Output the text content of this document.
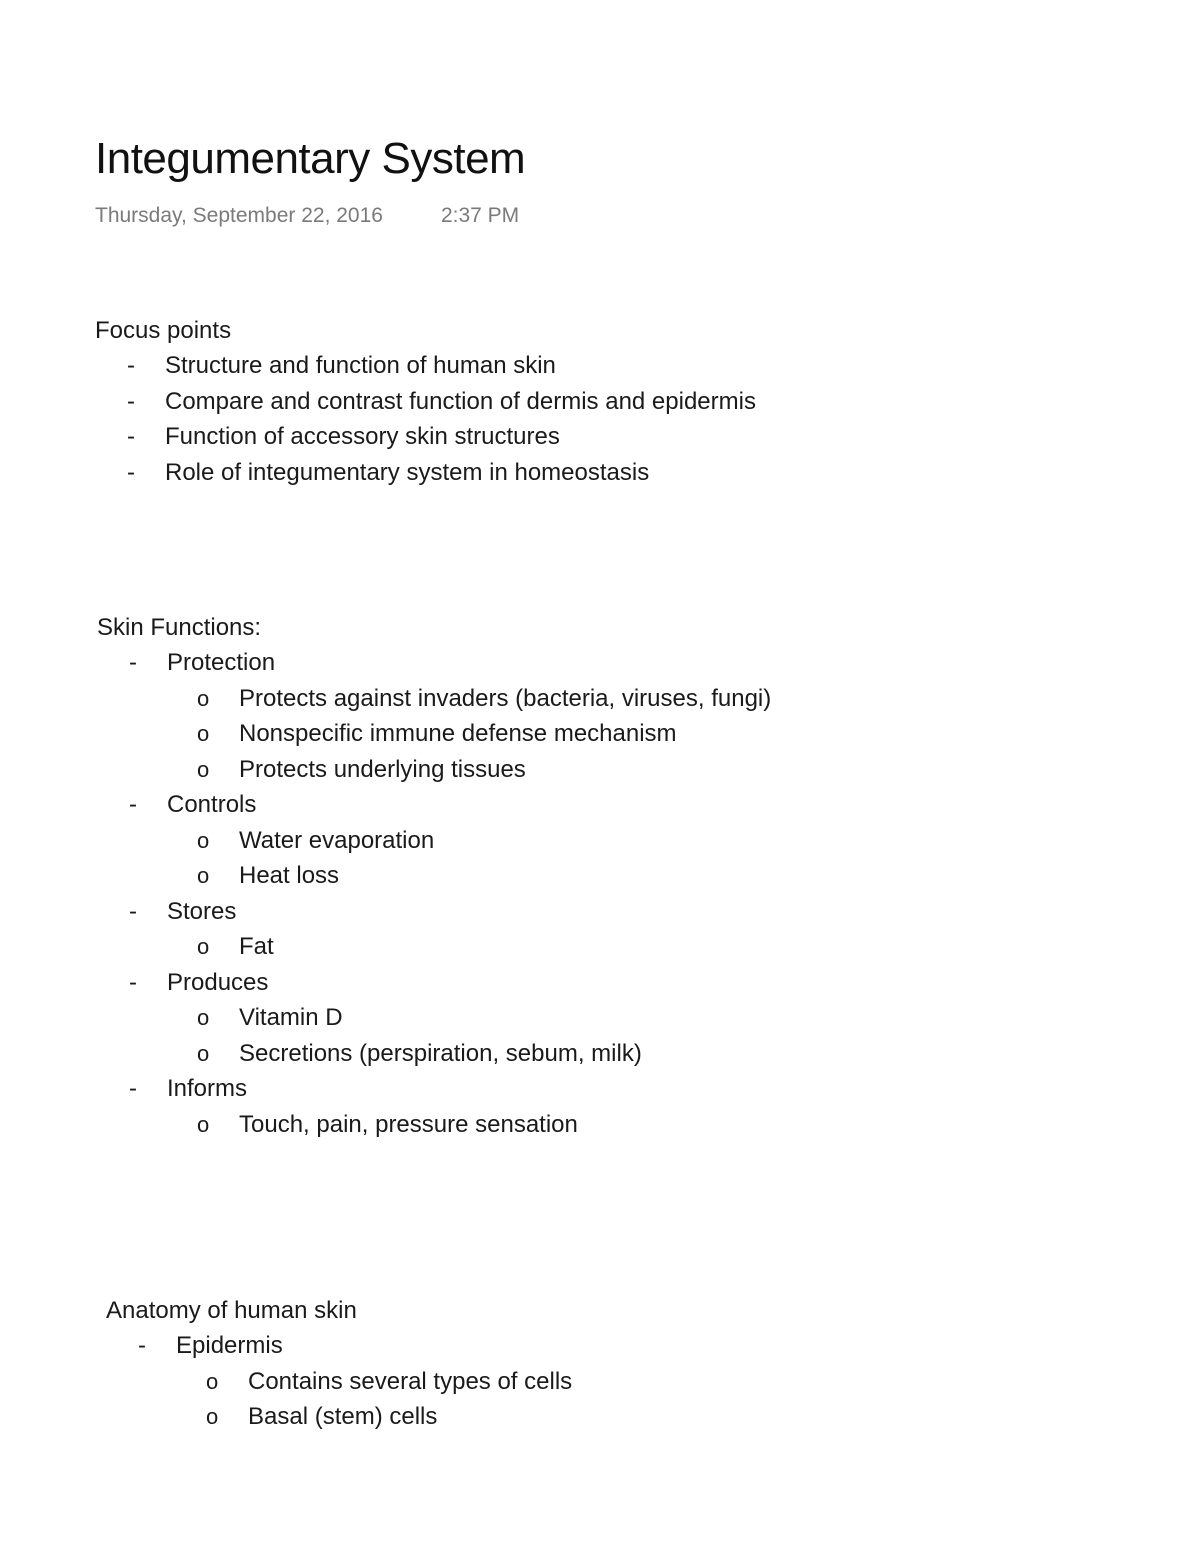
Integumentary System
Thursday, September 22, 2016	2:37 PM
Focus points
- Structure and function of human skin
- Compare and contrast function of dermis and epidermis
- Function of accessory skin structures
- Role of integumentary system in homeostasis
Skin Functions:
- Protection
o Protects against invaders (bacteria, viruses, fungi)
o Nonspecific immune defense mechanism
o Protects underlying tissues
- Controls
o Water evaporation
o Heat loss
- Stores
o Fat
- Produces
o Vitamin D
o Secretions (perspiration, sebum, milk)
- Informs
o Touch, pain, pressure sensation
Anatomy of human skin
- Epidermis
o Contains several types of cells
o Basal (stem) cells
